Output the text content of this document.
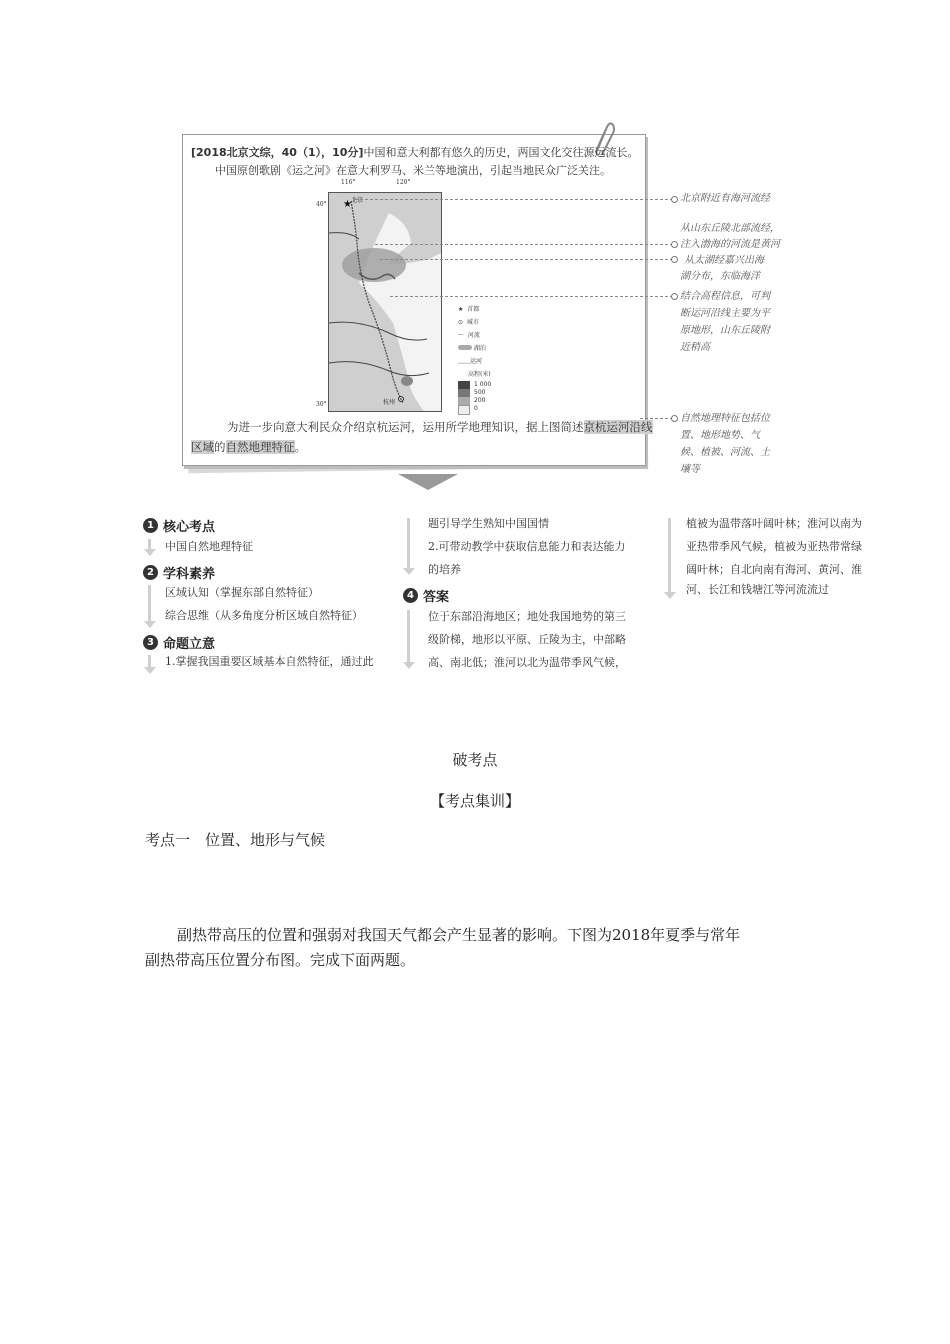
[2018北京文综，40（1），10分]中国和意大利都有悠久的历史，两国文化交往源远流长。
中国原创歌剧《运之河》在意大利罗马、米兰等地演出，引起当地民众广泛关注。
116°	120°
40°
30°
★ 北京
杭州
★ 首都
⊙ 城市
～ 河流
湖泊
﹏﹏运河
高程(米)
1 000
500
200
0
为进一步向意大利民众介绍京杭运河，运用所学地理知识，据上图简述京杭运河沿线
区域的自然地理特征。
北京附近有海河流经
从山东丘陵北部流经，
注入渤海的河流是黄河
从太湖经嘉兴出海
湖分布，东临海洋
结合高程信息，可判
断运河沿线主要为平
原地形，山东丘陵附
近稍高
自然地理特征包括位
置、地形地势、气
候、植被、河流、土
壤等
1 核心考点
中国自然地理特征
2 学科素养
区域认知（掌握东部自然特征）
综合思维（从多角度分析区域自然特征）
3 命题立意
1.掌握我国重要区域基本自然特征，通过此
题引导学生熟知中国国情
2.可带动教学中获取信息能力和表达能力
的培养
4 答案
位于东部沿海地区；地处我国地势的第三
级阶梯，地形以平原、丘陵为主，中部略
高、南北低；淮河以北为温带季风气候，
植被为温带落叶阔叶林；淮河以南为
亚热带季风气候，植被为亚热带常绿
阔叶林；自北向南有海河、黄河、淮
河、长江和钱塘江等河流流过
破考点
【考点集训】
考点一　位置、地形与气候
副热带高压的位置和强弱对我国天气都会产生显著的影响。下图为2018年夏季与常年
副热带高压位置分布图。完成下面两题。
